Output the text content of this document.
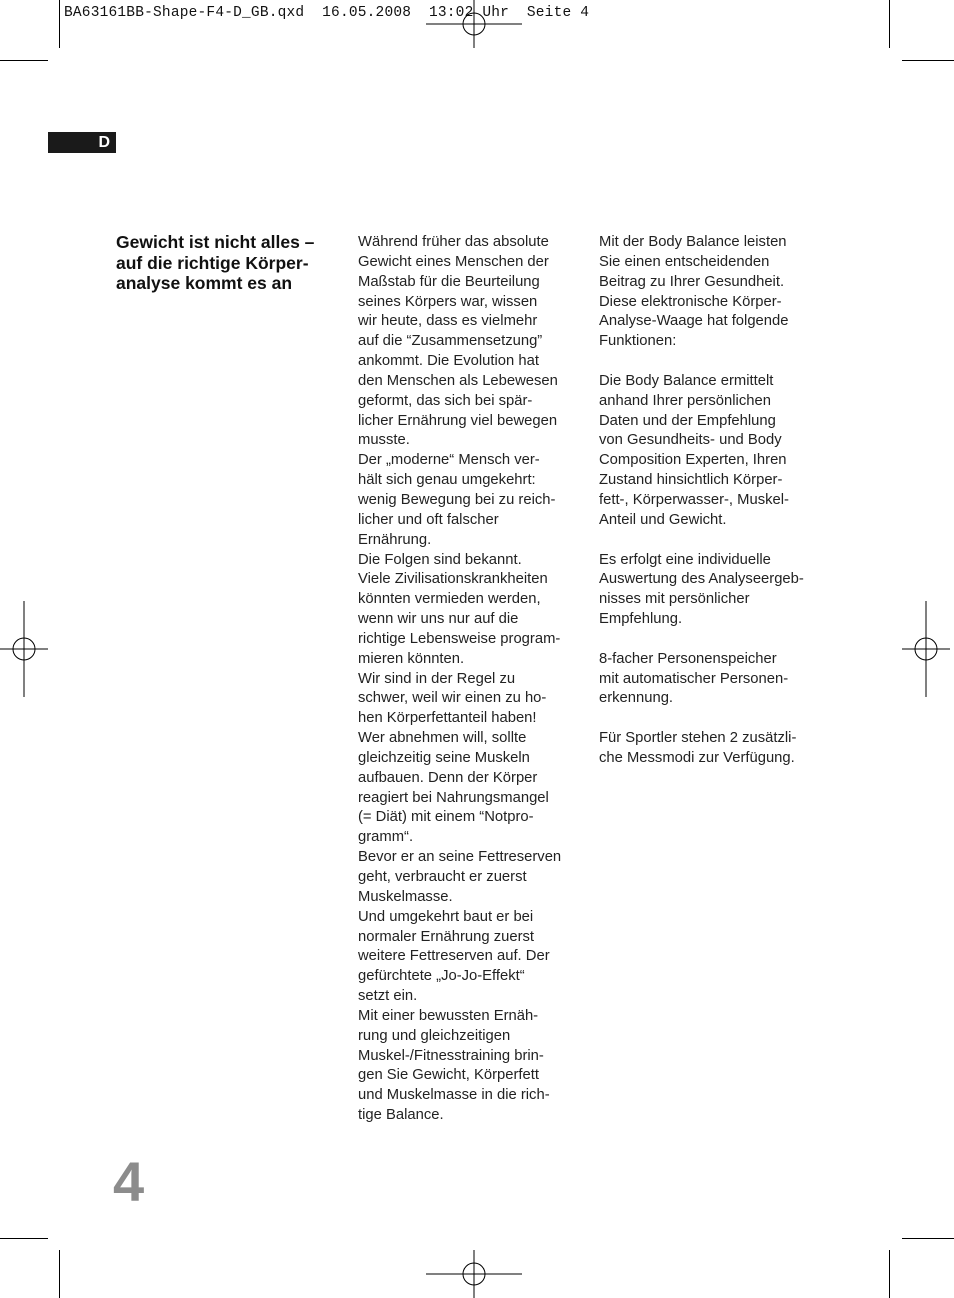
BA63161BB-Shape-F4-D_GB.qxd  16.05.2008  13:02 Uhr  Seite 4
D
Gewicht ist nicht alles –
auf die richtige Körper-
analyse kommt es an
Während früher das absolute
Gewicht eines Menschen der
Maßstab für die Beurteilung
seines Körpers war, wissen
wir heute, dass es vielmehr
auf die “Zusammensetzung”
ankommt. Die Evolution hat
den Menschen als Lebewesen
geformt, das sich bei spär-
licher Ernährung viel bewegen
musste.
Der „moderne“ Mensch ver-
hält sich genau umgekehrt:
wenig Bewegung bei zu reich-
licher und oft falscher
Ernährung.
Die Folgen sind bekannt.
Viele Zivilisationskrankheiten
könnten vermieden werden,
wenn wir uns nur auf die
richtige Lebensweise program-
mieren könnten.
Wir sind in der Regel zu
schwer, weil wir einen zu ho-
hen Körperfettanteil haben!
Wer abnehmen will, sollte
gleichzeitig seine Muskeln
aufbauen. Denn der Körper
reagiert bei Nahrungsmangel
(= Diät) mit einem “Notpro-
gramm“.
Bevor er an seine Fettreserven
geht, verbraucht er zuerst
Muskelmasse.
Und umgekehrt baut er bei
normaler Ernährung zuerst
weitere Fettreserven auf. Der
gefürchtete „Jo-Jo-Effekt“
setzt ein.
Mit einer bewussten Ernäh-
rung und gleichzeitigen
Muskel-/Fitnesstraining brin-
gen Sie Gewicht, Körperfett
und Muskelmasse in die rich-
tige Balance.
Mit der Body Balance leisten
Sie einen entscheidenden
Beitrag zu Ihrer Gesundheit.
Diese elektronische Körper-
Analyse-Waage hat folgende
Funktionen:
Die Body Balance ermittelt
anhand Ihrer persönlichen
Daten und der Empfehlung
von Gesundheits- und Body
Composition Experten, Ihren
Zustand hinsichtlich Körper-
fett-, Körperwasser-, Muskel-
Anteil und Gewicht.
Es erfolgt eine individuelle
Auswertung des Analyseergeb-
nisses mit persönlicher
Empfehlung.
8-facher Personenspeicher
mit automatischer Personen-
erkennung.
Für Sportler stehen 2 zusätzli-
che Messmodi zur Verfügung.
4
